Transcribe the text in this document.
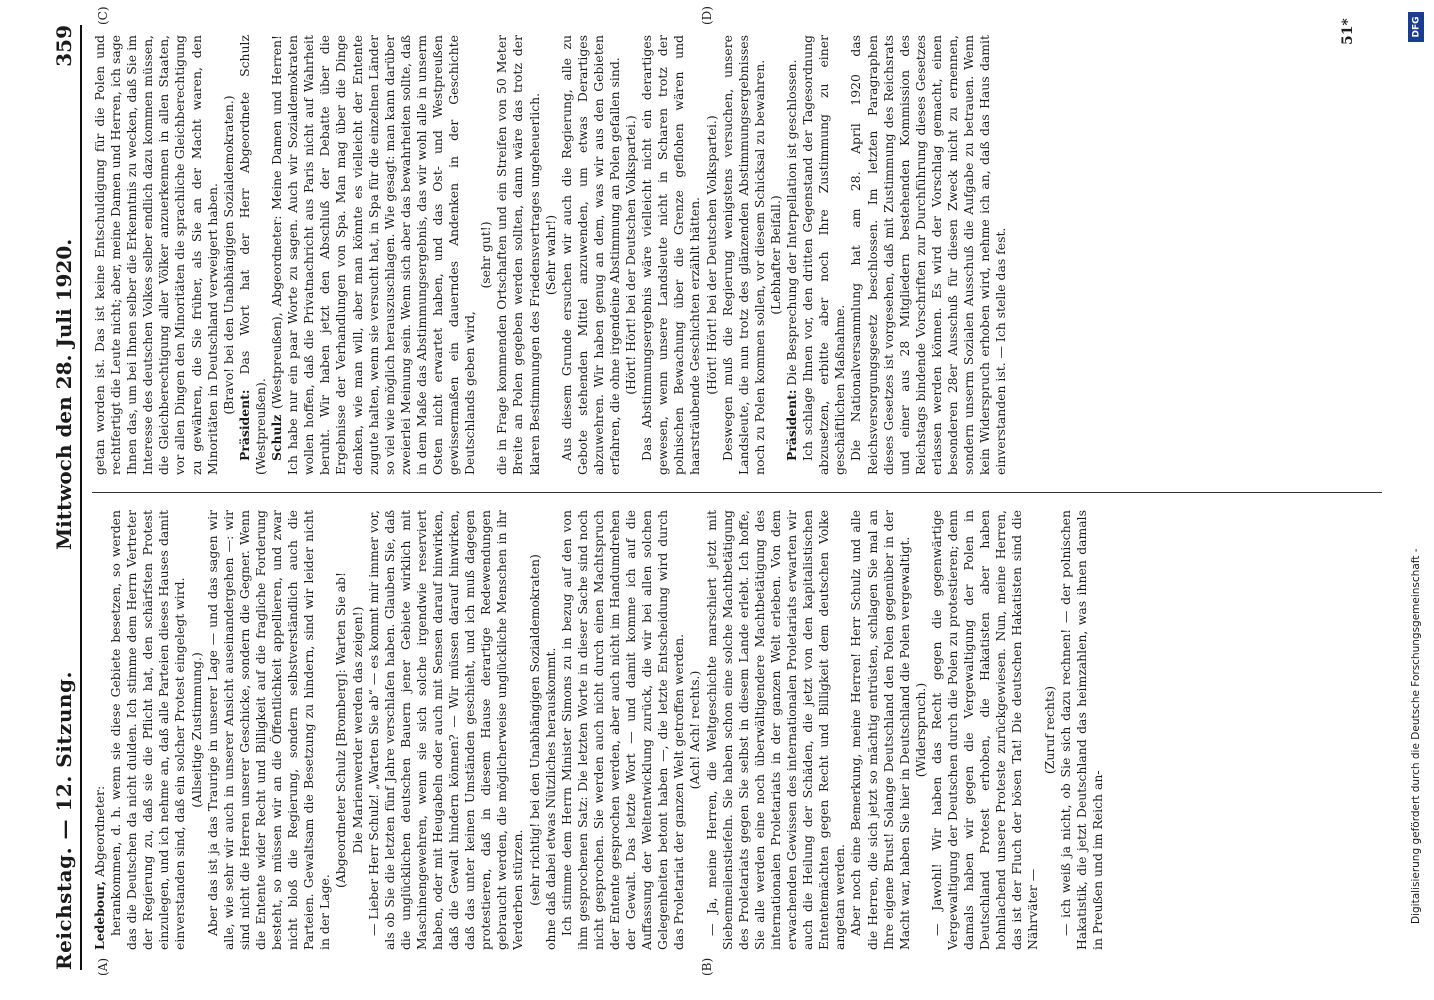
Reichstag. — 12. Sitzung.
Mittwoch den 28. Juli 1920.
359
(A)	(B)
(C)	(D)

Ledebour, Abgeordneter: herankommen, d. h. wenn sie diese Gebiete besetzen, so werden das die Deutschen da nicht dulden. Ich stimme dem Herrn Vertreter der Regierung zu, daß sie die Pflicht hat, den schärfsten Protest einzulegen, und ich nehme an, daß alle Parteien dieses Hauses damit einverstanden sind, daß ein solcher Protest eingelegt wird. (Allseitige Zustimmung.) Aber das ist ja das Traurige in unserer Lage — und das sagen wir alle, wie sehr wir auch in unserer Ansicht auseinandergehen —: wir sind nicht die Herren unserer Geschicke, sondern die Gegner. Wenn die Entente wider Recht und Billigkeit auf die fragliche Forderung besteht, so müssen wir an die Öffentlichkeit appellieren, und zwar nicht bloß die Regierung, sondern selbstverständlich auch die Parteien. Gewaltsam die Besetzung zu hindern, sind wir leider nicht in der Lage.

(Abgeordneter Schulz [Bromberg]: Warten Sie ab! Die Marienwerder werden das zeigen!) — Lieber Herr Schulz! „Warten Sie ab“ — es kommt mir immer vor, als ob Sie die letzten fünf Jahre verschlafen haben. Glauben Sie, daß die unglücklichen deutschen Bauern jener Gebiete wirklich mit Maschinengewehren, wenn sie sich solche irgendwie reserviert haben, oder mit Heugabeln oder auch mit Sensen darauf hinwirken, daß die Gewalt hindern können? — Wir müssen darauf hinwirken, daß das unter keinen Umständen geschieht, und ich muß dagegen protestieren, daß in diesem Hause derartige Redewendungen gebraucht werden, die möglicherweise unglückliche Menschen in ihr Verderben stürzen. (sehr richtig! bei den Unabhängigen Sozialdemokraten) ohne daß dabei etwas Nützliches herauskommt. Ich stimme dem Herrn Minister Simons zu in bezug auf den von ihm gesprochenen Satz: Die letzten Worte in dieser Sache sind noch nicht gesprochen. Sie werden auch nicht durch einen Machtspruch der Entente gesprochen werden, aber auch nicht im Handumdrehen der Gewalt. Das letzte Wort — und damit komme ich auf die Auffassung der Weltentwicklung zurück, die wir bei allen solchen Gelegenheiten betont haben —, die letzte Entscheidung wird durch das Proletariat der ganzen Welt getroffen werden. (Ach! Ach! rechts.) — Ja, meine Herren, die Weltgeschichte marschiert jetzt mit Siebenmeilenstiefeln. Sie haben schon eine solche Machtbetätigung des Proletariats gegen Sie selbst in diesem Lande erlebt. Ich hoffe, Sie alle werden eine noch überwältigendere Machtbetätigung des internationalen Proletariats in der ganzen Welt erleben. Von dem erwachenden Gewissen des internationalen Proletariats erwarten wir auch die Heilung der Schäden, die jetzt von den kapitalistischen Ententemächten gegen Recht und Billigkeit dem deutschen Volke angetan werden. Aber noch eine Bemerkung, meine Herren! Herr Schulz und alle die Herren, die sich jetzt so mächtig entrüsten, schlagen Sie mal an Ihre eigene Brust! Solange Deutschland den Polen gegenüber in der Macht war, haben Sie hier in Deutschland die Polen vergewaltigt. (Widerspruch.) — Jawohl! Wir haben das Recht gegen die gegenwärtige Vergewaltigung der Deutschen durch die Polen zu protestieren; denn damals haben wir gegen die Vergewaltigung der Polen in Deutschland Protest erhoben, die Hakatisten aber haben hohnlachend unsere Proteste zurückgewiesen. Nun, meine Herren, das ist der Fluch der bösen Tat! Die deutschen Hakatisten sind die Nährväter —

(Zuruf rechts) — ich weiß ja nicht, ob Sie sich dazu rechnen! — der polnischen Hakatistik, die jetzt Deutschland das heimzahlen, was ihnen damals in Preußen und im Reich an-

getan worden ist. Das ist keine Entschuldigung für die Polen und rechtfertigt die Leute nicht; aber, meine Damen und Herren, ich sage Ihnen das, um bei Ihnen selber die Erkenntnis zu wecken, daß Sie im Interesse des deutschen Volkes selber endlich dazu kommen müssen, die Gleichberechtigung aller Völker anzuerkennen in allen Staaten, vor allen Dingen den Minoritäten die sprachliche Gleichberechtigung zu gewähren, die Sie früher, als Sie an der Macht waren, den Minoritäten in Deutschland verweigert haben. (Bravo! bei den Unabhängigen Sozialdemokraten.)

Präsident: Das Wort hat der Herr Abgeordnete Schulz (Westpreußen). Schulz (Westpreußen), Abgeordneter: Meine Damen und Herren! Ich habe nur ein paar Worte zu sagen. Auch wir Sozialdemokraten wollen hoffen, daß die Privatnachricht aus Paris nicht auf Wahrheit beruht. Wir haben jetzt den Abschluß der Debatte über die Ergebnisse der Verhandlungen von Spa. Man mag über die Dinge denken, wie man will, aber man könnte es vielleicht der Entente zugute halten, wenn sie versucht hat, in Spa für die einzelnen Länder so viel wie möglich herauszuschlagen. Wie gesagt: man kann darüber zweierlei Meinung sein. Wenn sich aber das bewahrheiten sollte, daß in dem Maße das Abstimmungsergebnis, das wir wohl alle in unserm Osten nicht erwartet haben, und das Ost- und Westpreußen gewissermaßen ein dauerndes Andenken in der Geschichte Deutschlands geben wird,

(sehr gut!) die in Frage kommenden Ortschaften und ein Streifen von 50 Meter Breite an Polen gegeben werden sollten, dann wäre das trotz der klaren Bestimmungen des Friedensvertrages ungeheuerlich. (Sehr wahr!) Aus diesem Grunde ersuchen wir auch die Regierung, alle zu Gebote stehenden Mittel anzuwenden, um etwas Derartiges abzuwehren. Wir haben genug an dem, was wir aus den Gebieten erfahren, die ohne irgendeine Abstimmung an Polen gefallen sind. (Hört! Hört! bei der Deutschen Volkspartei.) Das Abstimmungsergebnis wäre vielleicht nicht ein derartiges gewesen, wenn unsere Landsleute nicht in Scharen trotz der polnischen Bewachung über die Grenze geflohen wären und haarsträubende Geschichten erzählt hätten. (Hört! Hört! bei der Deutschen Volkspartei.) Deswegen muß die Regierung wenigstens versuchen, unsere Landsleute, die nun trotz des glänzenden Abstimmungsergebnisses noch zu Polen kommen sollen, vor diesem Schicksal zu bewahren. (Lebhafter Beifall.)

Präsident: Die Besprechung der Interpellation ist geschlossen. Ich schlage Ihnen vor, den dritten Gegenstand der Tagesordnung abzusetzen, erbitte aber noch Ihre Zustimmung zu einer geschäftlichen Maßnahme. Die Nationalversammlung hat am 28. April 1920 das Reichsversorgungsgesetz beschlossen. Im letzten Paragraphen dieses Gesetzes ist vorgesehen, daß mit Zustimmung des Reichsrats und einer aus 28 Mitgliedern bestehenden Kommission des Reichstags bindende Vorschriften zur Durchführung dieses Gesetzes erlassen werden können. Es wird der Vorschlag gemacht, einen besonderen 28er Ausschuß für diesen Zweck nicht zu ernennen, sondern unserm Sozialen Ausschuß die Aufgabe zu betrauen. Wenn kein Widerspruch erhoben wird, nehme ich an, daß das Haus damit einverstanden ist. — Ich stelle das fest.

51*
Digitalisierung gefördert durch die Deutsche Forschungsgemeinschaft -
DFG
